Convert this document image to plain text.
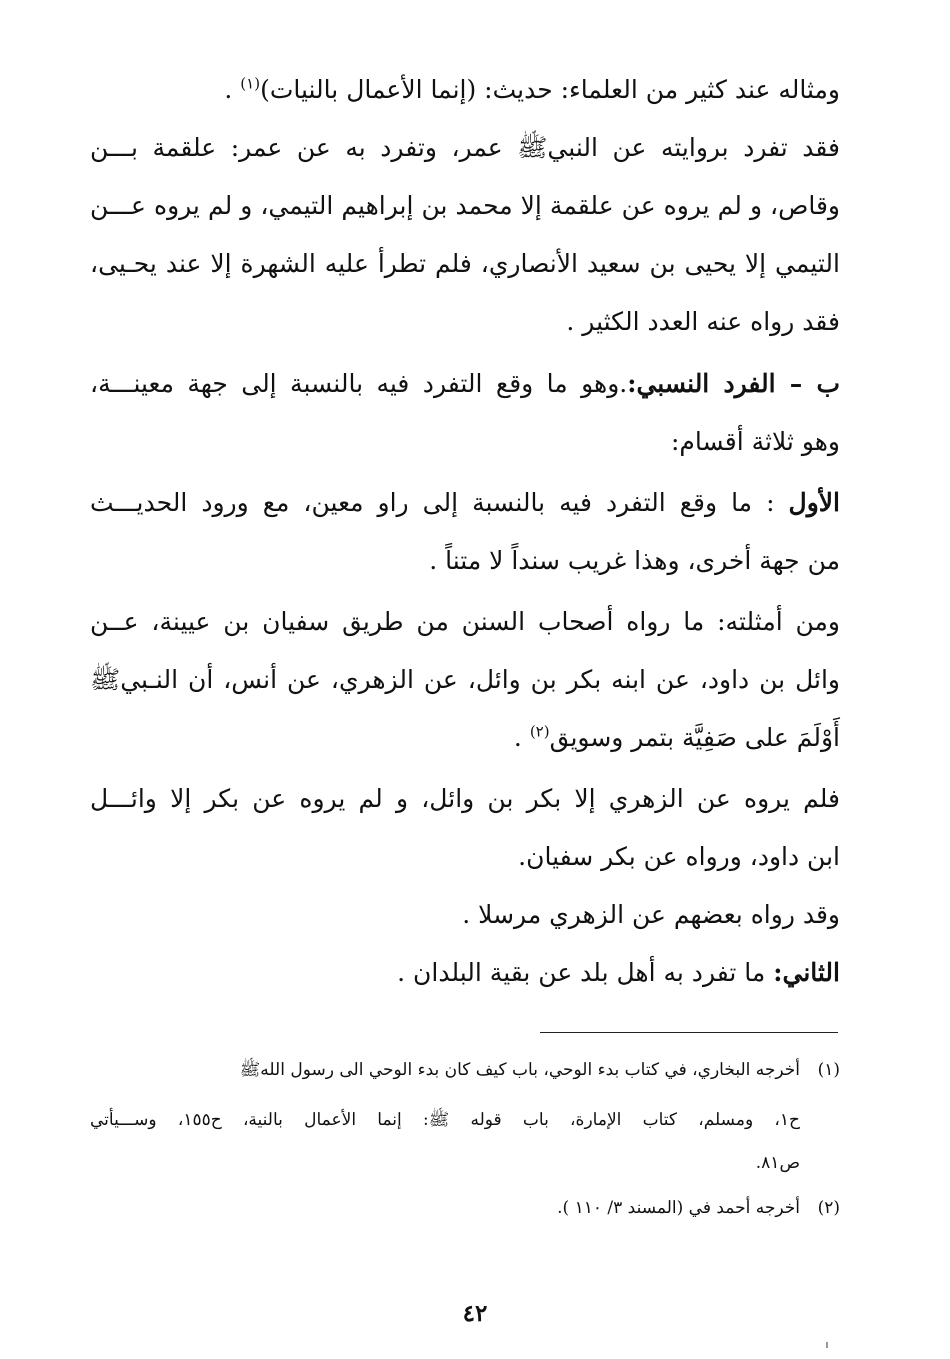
ومثاله عند كثير من العلماء: حديث: (إنما الأعمال بالنيات)$^{(١)}$ .
فقد تفرد بروايته عن النبيﷺ عمر، وتفرد به عن عمر: علقمة بـــن
وقاص، و لم يروه عن علقمة إلا محمد بن إبراهيم التيمي، و لم يروه عـــن
التيمي إلا يحيى بن سعيد الأنصاري، فلم تطرأ عليه الشهرة إلا عند يحـيى،
فقد رواه عنه العدد الكثير .
ب – الفرد النسبي:.وهو ما وقع التفرد فيه بالنسبة إلى جهة معينـــة،
وهو ثلاثة أقسام:
الأول : ما وقع التفرد فيه بالنسبة إلى راو معين، مع ورود الحديـــث
من جهة أخرى، وهذا غريب سنداً لا متناً .
ومن أمثلته: ما رواه أصحاب السنن من طريق سفيان بن عيينة، عــن
وائل بن داود، عن ابنه بكر بن وائل، عن الزهري، عن أنس، أن النـبيﷺ
أَوْلَمَ على صَفِيَّة بتمر وسويق$^{(٢)}$ .
فلم يروه عن الزهري إلا بكر بن وائل، و لم يروه عن بكر إلا وائـــل
ابن داود، ورواه عن بكر سفيان.
وقد رواه بعضهم عن الزهري مرسلا .
الثاني: ما تفرد به أهل بلد عن بقية البلدان .
(١)أخرجه البخاري، في كتاب بدء الوحي، باب كيف كان بدء الوحي الى رسول اللهﷺ
ح١، ومسلم، كتاب الإمارة، باب قوله ﷺ: إنما الأعمال بالنية، ح١٥٥، وســـيأتي
ص٨١.
(٢)أخرجه أحمد في (المسند ٣/ ١١٠ ).
٤٢
